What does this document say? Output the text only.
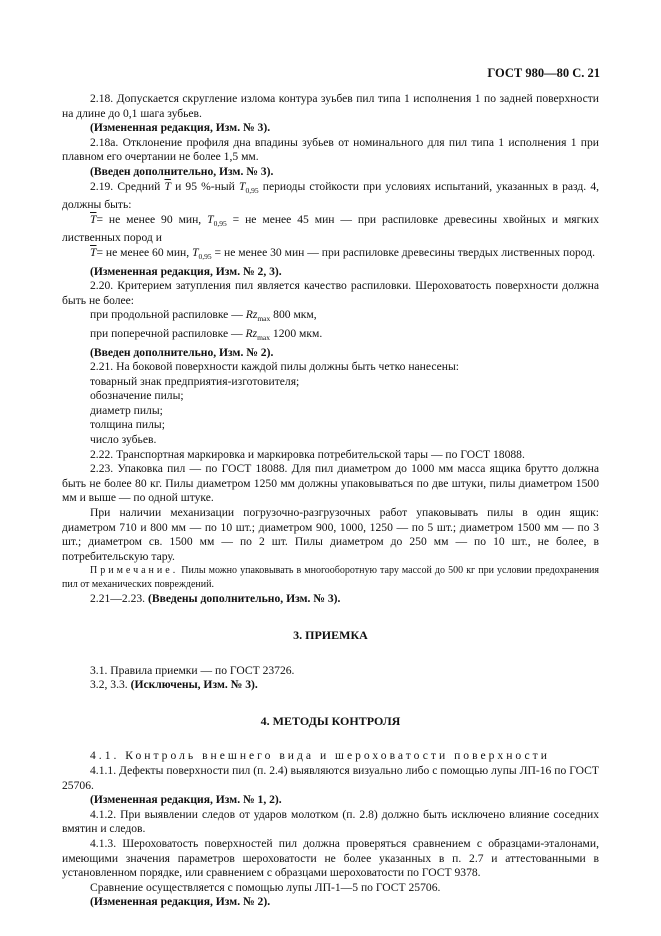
ГОСТ 980—80 С. 21

2.18. Допускается скругление излома контура зуьбев пил типа 1 исполнения 1 по задней поверхности на длине до 0,1 шага зубьев.

(Измененная редакция, Изм. № 3).

2.18а. Отклонение профиля дна впадины зубьев от номинального для пил типа 1 исполнения 1 при плавном его очертании не более 1,5 мм.

(Введен дополнительно, Изм. № 3).

2.19. Средний $\overline{T}$ и 95 %-ный $T_{0,95}$ периоды стойкости при условиях испытаний, указанных в разд. 4, должны быть:

$\overline{T}=$ не менее 90 мин, $T_{0,95}$ = не менее 45 мин — при распиловке древесины хвойных и мягких лиственных пород и

$\overline{T}=$ не менее 60 мин, $T_{0,95}$ = не менее 30 мин — при распиловке древесины твердых лиственных пород.

(Измененная редакция, Изм. № 2, 3).

2.20. Критерием затупления пил является качество распиловки. Шероховатость поверхности должна быть не более:

при продольной распиловке — $Rz_{max}$ 800 мкм,

при поперечной распиловке — $Rz_{max}$ 1200 мкм.

(Введен дополнительно, Изм. № 2).

2.21. На боковой поверхности каждой пилы должны быть четко нанесены:

товарный знак предприятия-изготовителя;

обозначение пилы;

диаметр пилы;

толщина пилы;

число зубьев.

2.22. Транспортная маркировка и маркировка потребительской тары — по ГОСТ 18088.

2.23. Упаковка пил — по ГОСТ 18088. Для пил диаметром до 1000 мм масса ящика брутто должна быть не более 80 кг. Пилы диаметром 1250 мм должны упаковываться по две штуки, пилы диаметром 1500 мм и выше — по одной штуке.

При наличии механизации погрузочно-разгрузочных работ упаковывать пилы в один ящик: диаметром 710 и 800 мм — по 10 шт.; диаметром 900, 1000, 1250 — по 5 шт.; диаметром 1500 мм — по 3 шт.; диаметром св. 1500 мм — по 2 шт. Пилы диаметром до 250 мм — по 10 шт., не более, в потребительскую тару.

Примечание. Пилы можно упаковывать в многооборотную тару массой до 500 кг при условии предохранения пил от механических повреждений.

2.21—2.23. (Введены дополнительно, Изм. № 3).

3. ПРИЕМКА

3.1. Правила приемки — по ГОСТ 23726.

3.2, 3.3. (Исключены, Изм. № 3).

4. МЕТОДЫ КОНТРОЛЯ

4.1. Контроль внешнего вида и шероховатости поверхности

4.1.1. Дефекты поверхности пил (п. 2.4) выявляются визуально либо с помощью лупы ЛП-16 по ГОСТ 25706.

(Измененная редакция, Изм. № 1, 2).

4.1.2. При выявлении следов от ударов молотком (п. 2.8) должно быть исключено влияние соседних вмятин и следов.

4.1.3. Шероховатость поверхностей пил должна проверяться сравнением с образцами-эталонами, имеющими значения параметров шероховатости не более указанных в п. 2.7 и аттестованными в установленном порядке, или сравнением с образцами шероховатости по ГОСТ 9378.

Сравнение осуществляется с помощью лупы ЛП-1—5 по ГОСТ 25706.

(Измененная редакция, Изм. № 2).
